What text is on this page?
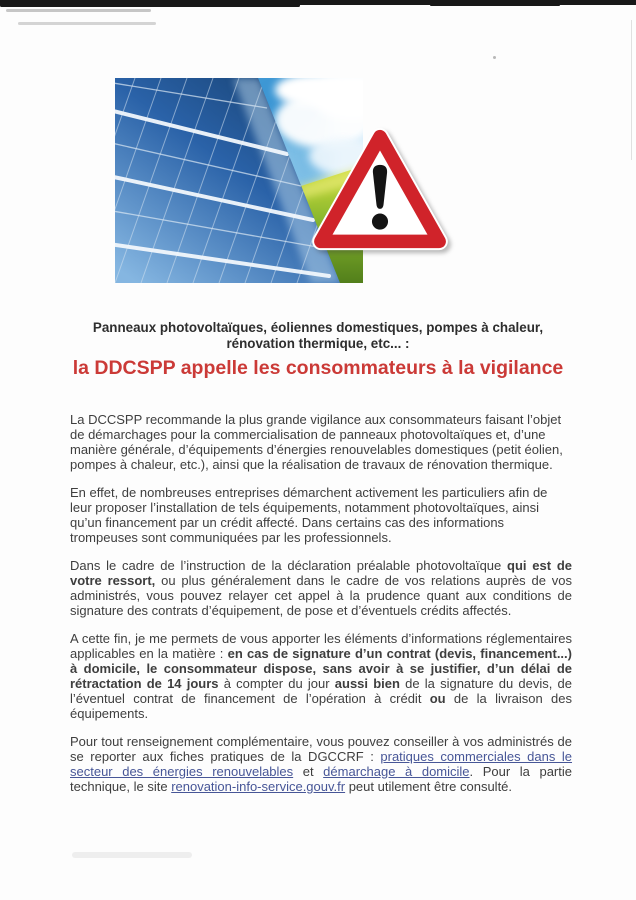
Panneaux photovoltaïques, éoliennes domestiques, pompes à chaleur,
rénovation thermique, etc... :
la DDCSPP appelle les consommateurs à la vigilance

La DCCSPP recommande la plus grande vigilance aux consommateurs faisant l’objet de démarchages pour la commercialisation de panneaux photovoltaïques et, d’une manière générale, d’équipements d’énergies renouvelables domestiques (petit éolien, pompes à chaleur, etc.), ainsi que la réalisation de travaux de rénovation thermique.

En effet, de nombreuses entreprises démarchent activement les particuliers afin de leur proposer l’installation de tels équipements, notamment photovoltaïques, ainsi qu’un financement par un crédit affecté. Dans certains cas des informations trompeuses sont communiquées par les professionnels.

Dans le cadre de l’instruction de la déclaration préalable photovoltaïque qui est de votre ressort, ou plus généralement dans le cadre de vos relations auprès de vos administrés, vous pouvez relayer cet appel à la prudence quant aux conditions de signature des contrats d’équipement, de pose et d’éventuels crédits affectés.

A cette fin, je me permets de vous apporter les éléments d’informations réglementaires applicables en la matière : en cas de signature d’un contrat (devis, financement...) à domicile, le consommateur dispose, sans avoir à se justifier, d’un délai de rétractation de 14 jours à compter du jour aussi bien de la signature du devis, de l’éventuel contrat de financement de l’opération à crédit ou de la livraison des équipements.

Pour tout renseignement complémentaire, vous pouvez conseiller à vos administrés de se reporter aux fiches pratiques de la DGCCRF : pratiques commerciales dans le secteur des énergies renouvelables et démarchage à domicile. Pour la partie technique, le site renovation-info-service.gouv.fr peut utilement être consulté.
